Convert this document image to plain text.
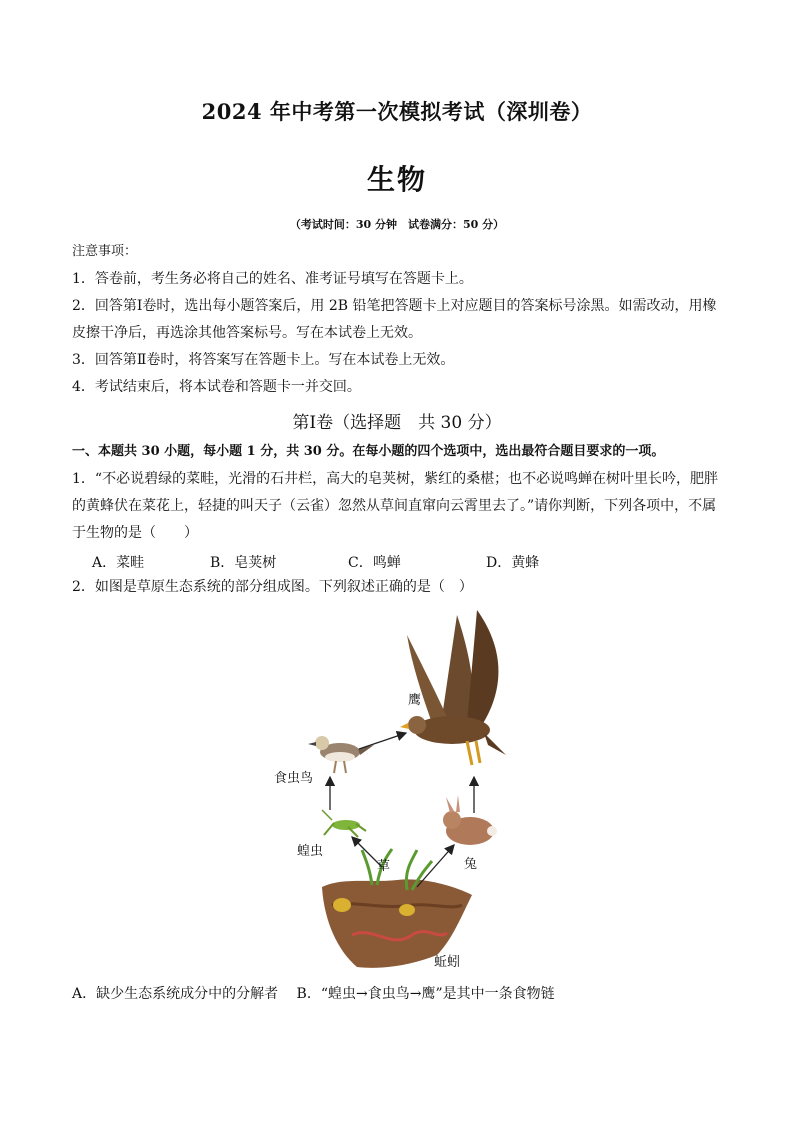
2024 年中考第一次模拟考试（深圳卷）
生物
（考试时间：30 分钟　试卷满分：50 分）
注意事项：
1．答卷前，考生务必将自己的姓名、准考证号填写在答题卡上。
2．回答第Ⅰ卷时，选出每小题答案后，用 2B 铅笔把答题卡上对应题目的答案标号涂黑。如需改动，用橡
皮擦干净后，再选涂其他答案标号。写在本试卷上无效。
3．回答第Ⅱ卷时，将答案写在答题卡上。写在本试卷上无效。
4．考试结束后，将本试卷和答题卡一并交回。
第Ⅰ卷（选择题　共 30 分）
一、本题共 30 小题，每小题 1 分，共 30 分。在每小题的四个选项中，选出最符合题目要求的一项。
1．“不必说碧绿的菜畦，光滑的石井栏，高大的皂荚树，紫红的桑椹；也不必说鸣蝉在树叶里长吟，肥胖
的黄蜂伏在菜花上，轻捷的叫天子（云雀）忽然从草间直窜向云霄里去了。”请你判断，下列各项中，不属
于生物的是（　　）
A．菜畦	B．皂荚树	C．鸣蝉	D．黄蜂
2．如图是草原生态系统的部分组成图。下列叙述正确的是（　）
鹰
食虫鸟
蝗虫
草	兔
蚯蚓
A．缺少生态系统成分中的分解者　 B．“蝗虫→食虫鸟→鹰”是其中一条食物链
